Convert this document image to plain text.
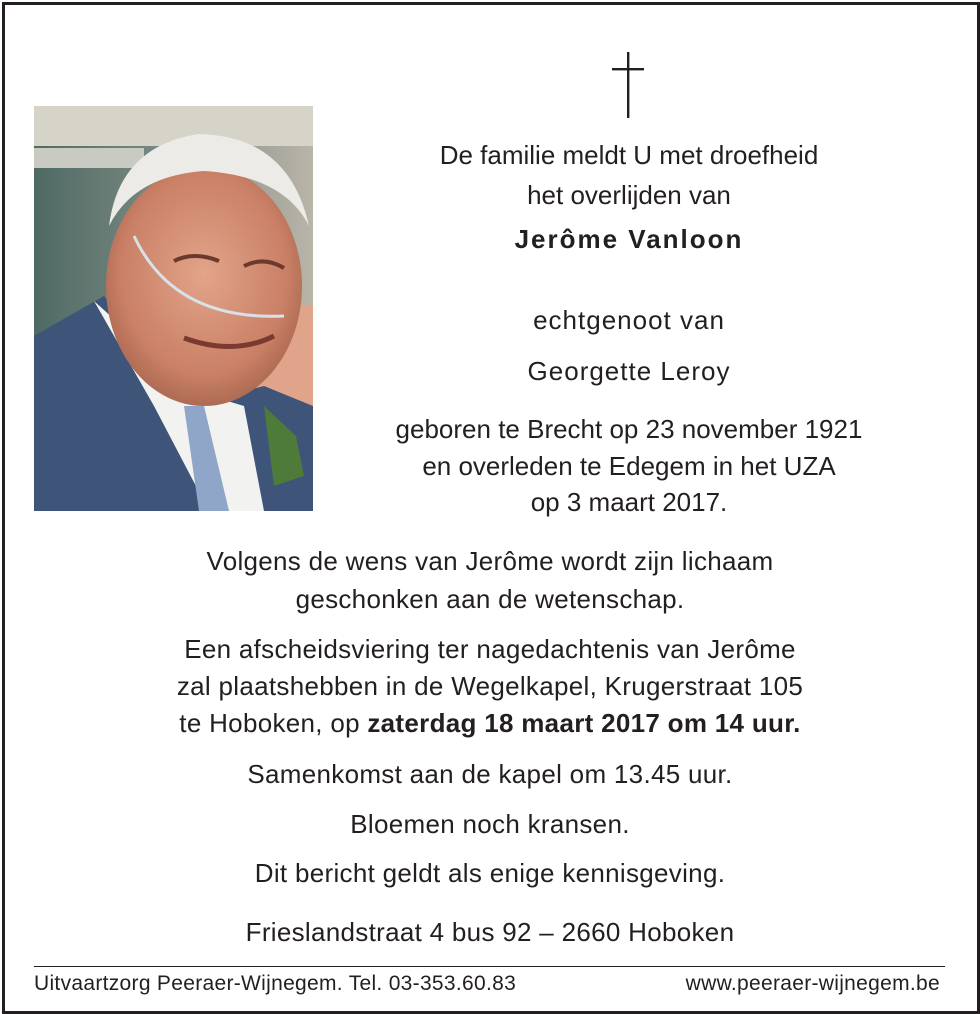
De familie meldt U met droefheid
het overlijden van
Jerôme Vanloon
echtgenoot van
Georgette Leroy
geboren te Brecht op 23 november 1921
en overleden te Edegem in het UZA
op 3 maart 2017.
Volgens de wens van Jerôme wordt zijn lichaam
geschonken aan de wetenschap.
Een afscheidsviering ter nagedachtenis van Jerôme
zal plaatshebben in de Wegelkapel, Krugerstraat 105
te Hoboken, op zaterdag 18 maart 2017 om 14 uur.
Samenkomst aan de kapel om 13.45 uur.
Bloemen noch kransen.
Dit bericht geldt als enige kennisgeving.
Frieslandstraat 4 bus 92 – 2660 Hoboken
Uitvaartzorg Peeraer-Wijnegem. Tel. 03-353.60.83	www.peeraer-wijnegem.be
